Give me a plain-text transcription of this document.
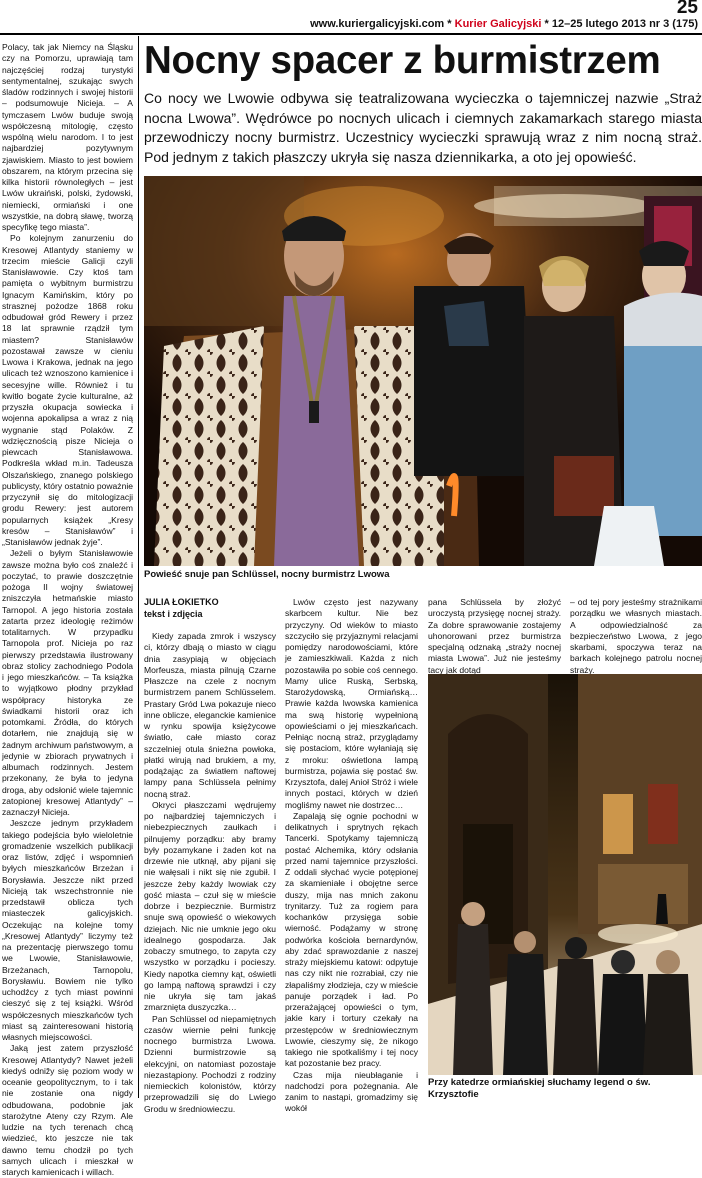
25
www.kuriergalicyjski.com * Kurier Galicyjski * 12–25 lutego 2013 nr 3 (175)

Polacy, tak jak Niemcy na Śląsku czy na Pomorzu, uprawiają tam najczęściej rodzaj turystyki sentymentalnej, szukając swych śladów rodzinnych i swojej historii – podsumowuje Nicieja. – A tymczasem Lwów buduje swoją współczesną mitologię, często wspólną wielu narodom. I to jest najbardziej pozytywnym zjawiskiem. Miasto to jest bowiem obszarem, na którym przecina się kilka historii równoległych – jest Lwów ukraiński, polski, żydowski, niemiecki, ormiański i one wszystkie, na dobrą sławę, tworzą specyfikę tego miasta”.

Po kolejnym zanurzeniu do Kresowej Atlantydy staniemy w trzecim mieście Galicji czyli Stanisławowie. Czy ktoś tam pamięta o wybitnym burmistrzu Ignacym Kamińskim, który po strasznej pożodze 1868 roku odbudował gród Rewery i przez 18 lat sprawnie rządził tym miastem? Stanisławów pozostawał zawsze w cieniu Lwowa i Krakowa, jednak na jego ulicach też wznoszono kamienice i secesyjne wille. Również i tu kwitło bogate życie kulturalne, aż przyszła okupacja sowiecka i wojenna apokalipsa a wraz z nią wygnanie stąd Polaków. Z wdzięcznością pisze Nicieja o piewcach Stanisławowa. Podkreśla wkład m.in. Tadeusza Olszańskiego, znanego polskiego publicysty, który ostatnio poważnie przyczynił się do mitologizacji grodu Rewery: jest autorem popularnych książek „Kresy kresów – Stanisławów” i „Stanisławów jednak żyje”.

Jeżeli o byłym Stanisławowie zawsze można było coś znaleźć i poczytać, to prawie doszczętnie pożoga II wojny światowej zniszczyła hetmańskie miasto Tarnopol. A jego historia została zatarta przez ideologię reżimów totalitarnych. W przypadku Tarnopola prof. Nicieja po raz pierwszy przedstawia ilustrowany obraz stolicy zachodniego Podola i jego mieszkańców. – Ta książka to wyjątkowo płodny przykład współpracy historyka ze świadkami historii oraz ich potomkami. Źródła, do których dotarłem, nie znajdują się w żadnym archiwum państwowym, a jedynie w zbiorach prywatnych i albumach rodzinnych. Jestem przekonany, że była to jedyna droga, aby odsłonić wiele tajemnic zatopionej kresowej Atlantydy” – zaznaczył Nicieja.

Jeszcze jednym przykładem takiego podejścia było wieloletnie gromadzenie wszelkich publikacji oraz listów, zdjęć i wspomnień byłych mieszkańców Brzeżan i Borysławia. Jeszcze nikt przed Nicieją tak wszechstronnie nie przedstawił oblicza tych miasteczek galicyjskich. Oczekując na kolejne tomy „Kresowej Atlantydy” liczymy też na prezentację pierwszego tomu we Lwowie, Stanisławowie, Brzeżanach, Tarnopolu, Borysławiu. Bowiem nie tylko uchodźcy z tych miast powinni cieszyć się z tej książki. Wśród współczesnych mieszkańców tych miast są zainteresowani historią własnych miejscowości.

Jaką jest zatem przyszłość Kresowej Atlantydy? Nawet jeżeli kiedyś odnižy się poziom wody w oceanie geopolitycznym, to i tak nie zostanie ona nigdy odbudowana, podobnie jak starożytne Ateny czy Rzym. Ale ludzie na tych terenach chcą wiedzieć, kto jeszcze nie tak dawno temu chodził po tych samych ulicach i mieszkał w starych kamienicach i willach.

Nocny spacer z burmistrzem
Co nocy we Lwowie odbywa się teatralizowana wycieczka o tajemniczej nazwie „Straż nocna Lwowa”. Wędrówce po nocnych ulicach i ciemnych zakamarkach starego miasta przewodniczy nocny burmistrz. Uczestnicy wycieczki sprawują wraz z nim nocną straż. Pod jednym z takich płaszczy ukryła się nasza dziennikarka, a oto jej opowieść.
Powieść snuje pan Schlüssel, nocny burmistrz Lwowa
JULIA ŁOKIETKO
tekst i zdjęcia

Kiedy zapada zmrok i wszyscy ci, którzy dbają o miasto w ciągu dnia zasypiają w objęciach Morfeusza, miasta pilnują Czarne Płaszcze na czele z nocnym burmistrzem panem Schlüsselem. Prastary Gród Lwa pokazuje nieco inne oblicze, eleganckie kamienice w rynku spowija księżycowe światło, całe miasto coraz szczelniej otula śnieżna powłoka, płatki wirują nad brukiem, a my, podążając za światłem naftowej lampy pana Schlüssela pełnimy nocną straż.

Okryci płaszczami wędrujemy po najbardziej tajemniczych i niebezpiecznych zaułkach i pilnujemy porządku: aby bramy były pozamykane i żaden kot na drzewie nie utknął, aby pijani się nie wałęsali i nikt się nie zgubił. I jeszcze żeby każdy lwowiak czy gość miasta – czuł się w mieście dobrze i bezpiecznie. Burmistrz snuje swą opowieść o wiekowych dziejach. Nic nie umknie jego oku idealnego gospodarza. Jak zobaczy smutnego, to zapyta czy wszystko w porządku i pocieszy. Kiedy napotka ciemny kąt, oświetli go lampą naftową sprawdzi i czy nie ukryła się tam jakaś zmarznięta duszyczka…

Pan Schlüssel od niepamiętnych czasów wiernie pełni funkcję nocnego burmistrza Lwowa. Dzienni burmistrzowie są elekcyjni, on natomiast pozostaje niezastąpiony. Pochodzi z rodziny niemieckich kolonistów, którzy przeprowadzili się do Lwiego Grodu w średniowieczu.

Lwów często jest nazywany skarbcem kultur. Nie bez przyczyny. Od wieków to miasto szczyciło się przyjaznymi relacjami pomiędzy narodowościami, które je zamieszkiwali. Każda z nich pozostawiła po sobie coś cennego. Mamy ulice Ruską, Serbską, Starożydowską, Ormiańską… Prawie każda lwowska kamienica ma swą historię wypełnioną opowieściami o jej mieszkańcach. Pełniąc nocną straż, przyglądamy się postaciom, które wyłaniają się z mroku: oświetlona lampą burmistrza, pojawia się postać św. Krzysztofa, dalej Anioł Stróż i wiele innych postaci, których w dzień mogliśmy nawet nie dostrzec…

Zapalają się ognie pochodni w delikatnych i sprytnych rękach Tancerki. Spotykamy tajemniczą postać Alchemika, który odsłania przed nami tajemnice przyszłości. Z oddali słychać wycie potępionej za skamieniałe i obojętne serce duszy, mija nas mnich zakonu trynitarzy. Tuż za rogiem para kochanków przysięga sobie wierność. Podążamy w stronę podwórka kościoła bernardynów, aby zdać sprawozdanie z naszej straży miejskiemu katowi: odpytuje nas czy nikt nie rozrabiał, czy nie złapaliśmy złodzieja, czy w mieście panuje porządek i ład. Po przerażającej opowieści o tym, jakie kary i tortury czekały na przestępców w średniowiecznym Lwowie, cieszymy się, że nikogo takiego nie spotkaliśmy i tej nocy kat pozostanie bez pracy.

Czas mija nieubłaganie i nadchodzi pora pożegnania. Ale zanim to nastąpi, gromadzimy się wokół

pana Schlüssela by złożyć uroczystą przysięgę nocnej straży. Za dobre sprawowanie zostajemy uhonorowani przez burmistrza specjalną odznaką „straży nocnej miasta Lwowa”. Już nie jesteśmy tacy jak dotąd

– od tej pory jesteśmy strażnikami porządku we własnych miastach. A odpowiedzialność za bezpieczeństwo Lwowa, z jego skarbami, spoczywa teraz na barkach kolejnego patrolu nocnej straży.

Przy katedrze ormiańskiej słuchamy legend o św. Krzysztofie
